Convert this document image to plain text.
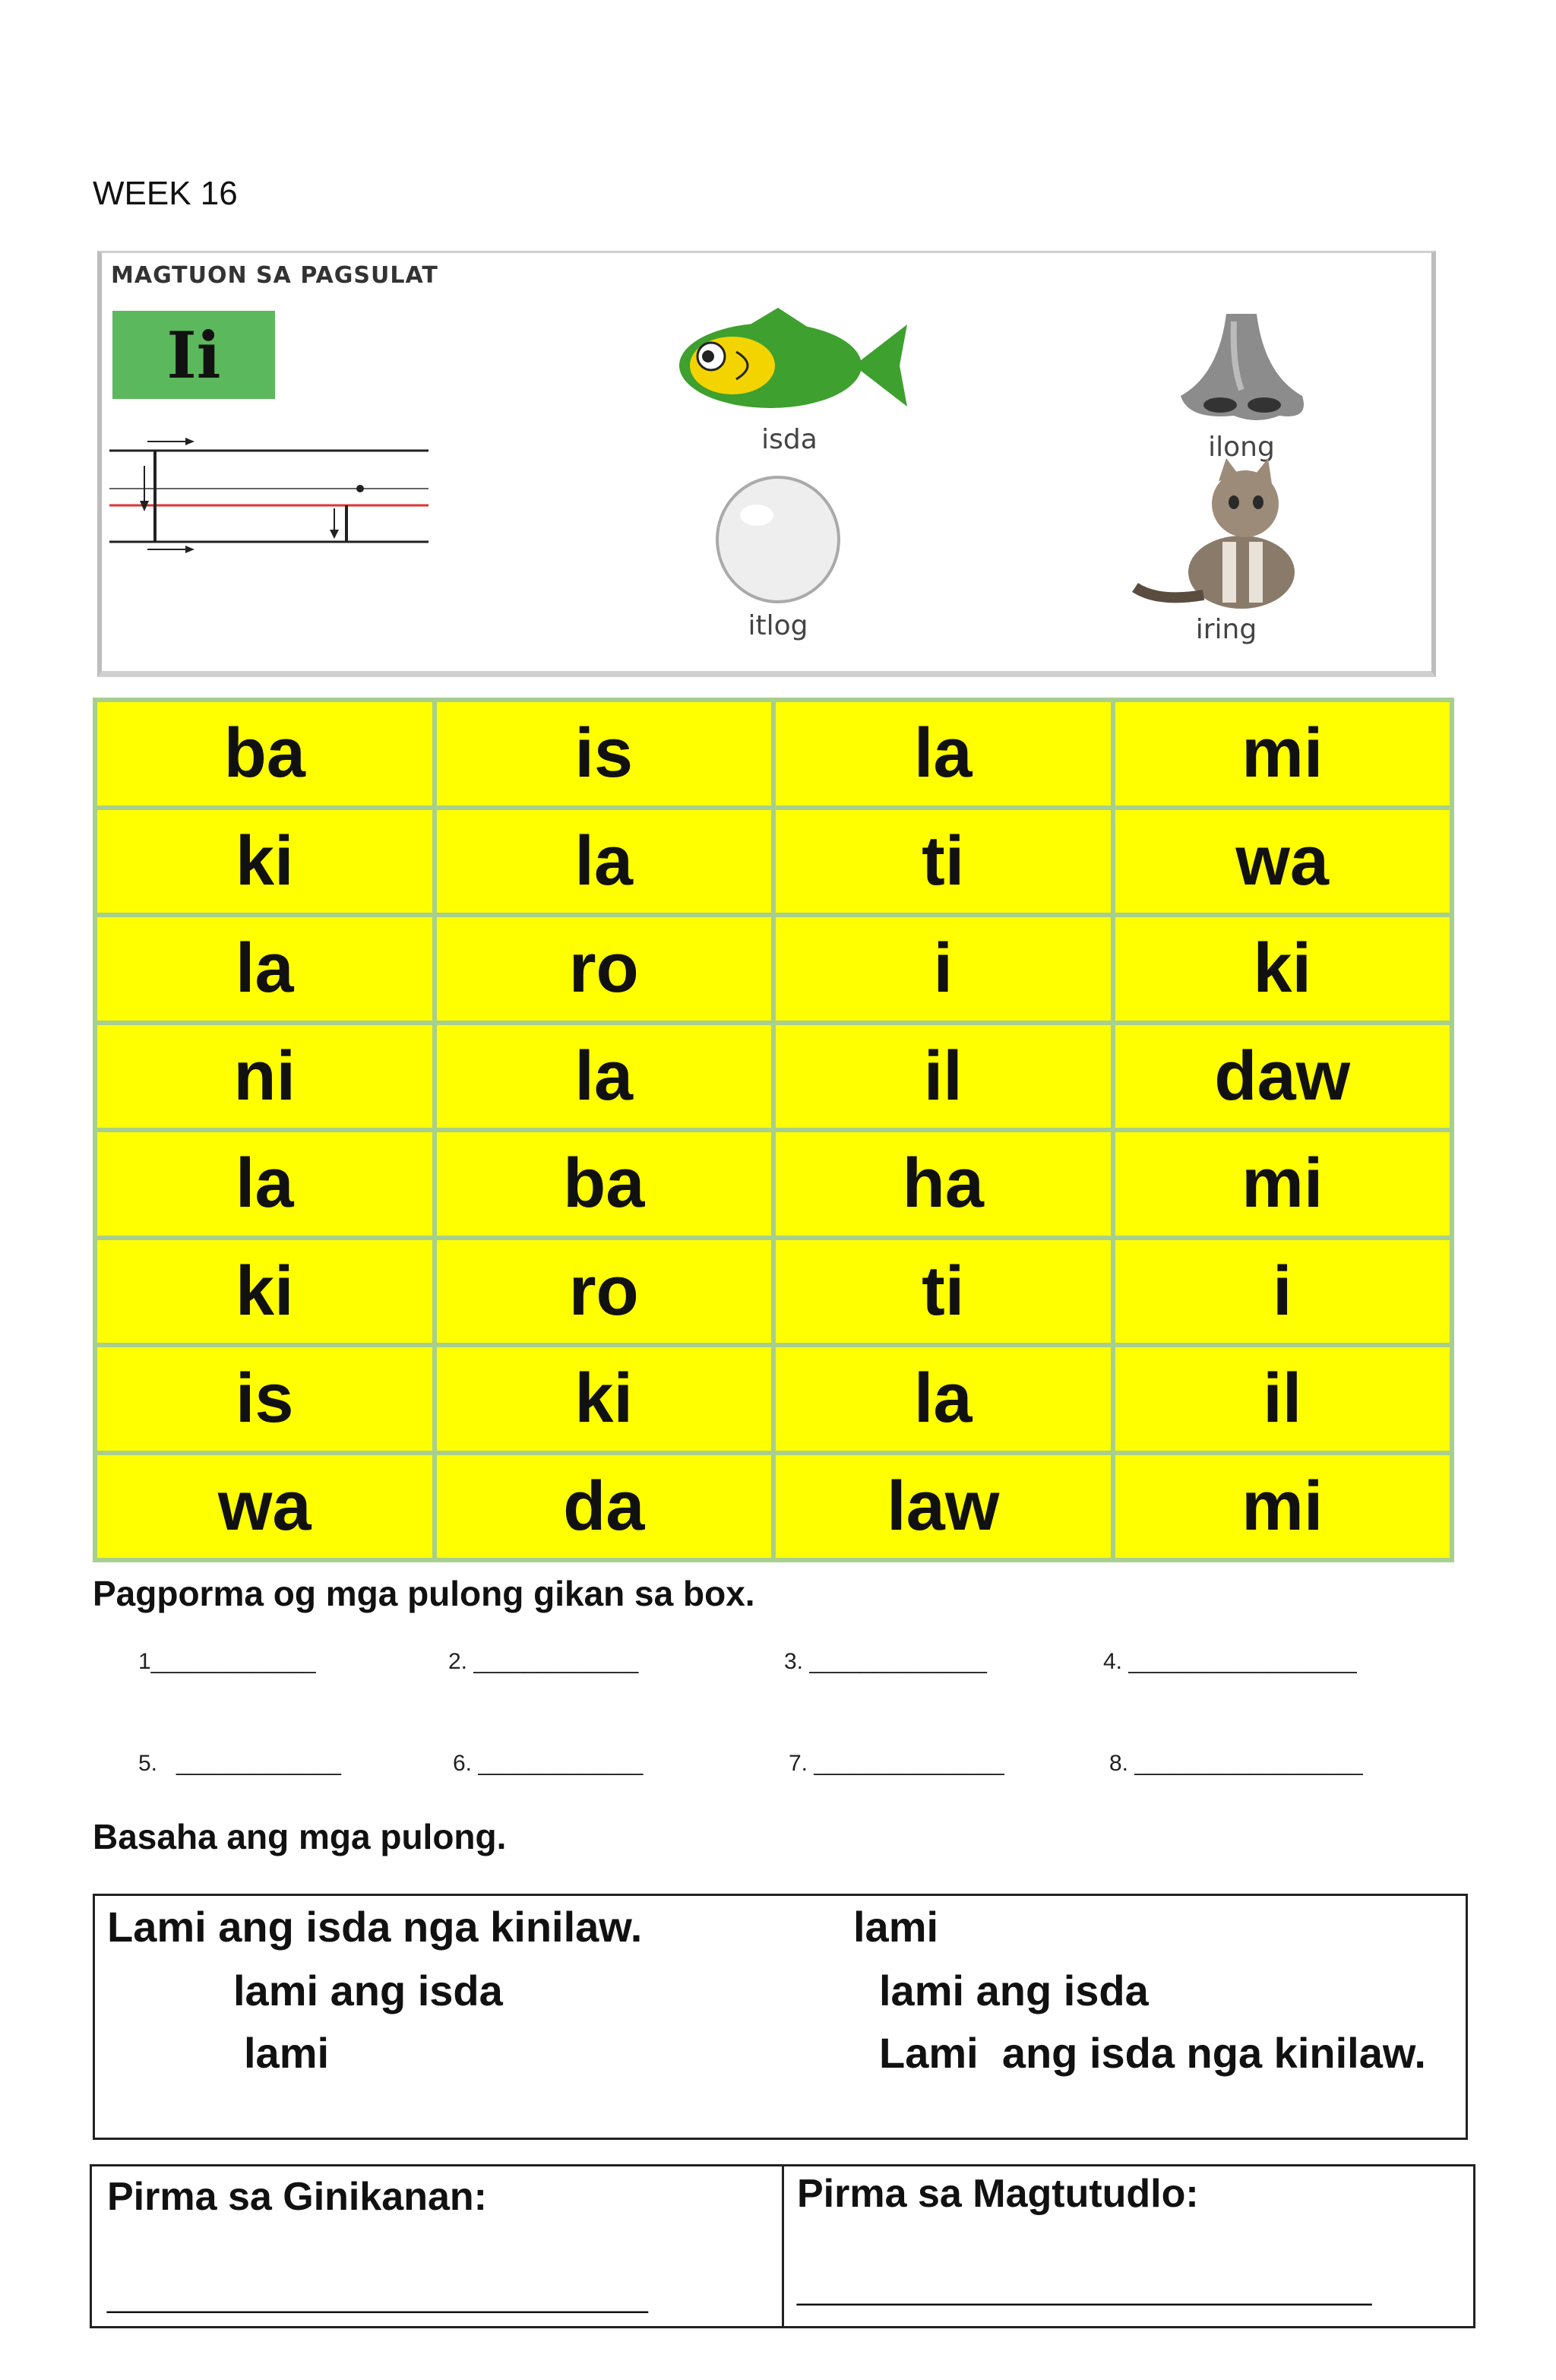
WEEK 16
MAGTUON SA PAGSULAT
Ii
isda	ilong
itlog	iring
ba	is	la	mi
ki	la	ti	wa
la	ro	i	ki
ni	la	il	daw
la	ba	ha	mi
ki	ro	ti	i
is	ki	la	il
wa	da	law	mi
Pagporma og mga pulong gikan sa box.
1_____________	2. _____________	3. ______________	4. __________________
5.   _____________	6. _____________	7. _______________	8. __________________
Basaha ang mga pulong.
Lami ang isda nga kinilaw.
lami ang isda
lami
lami
lami ang isda
Lami  ang isda nga kinilaw.
Pirma sa Ginikanan:
________________________________
Pirma sa Magtutudlo:
__________________________________
